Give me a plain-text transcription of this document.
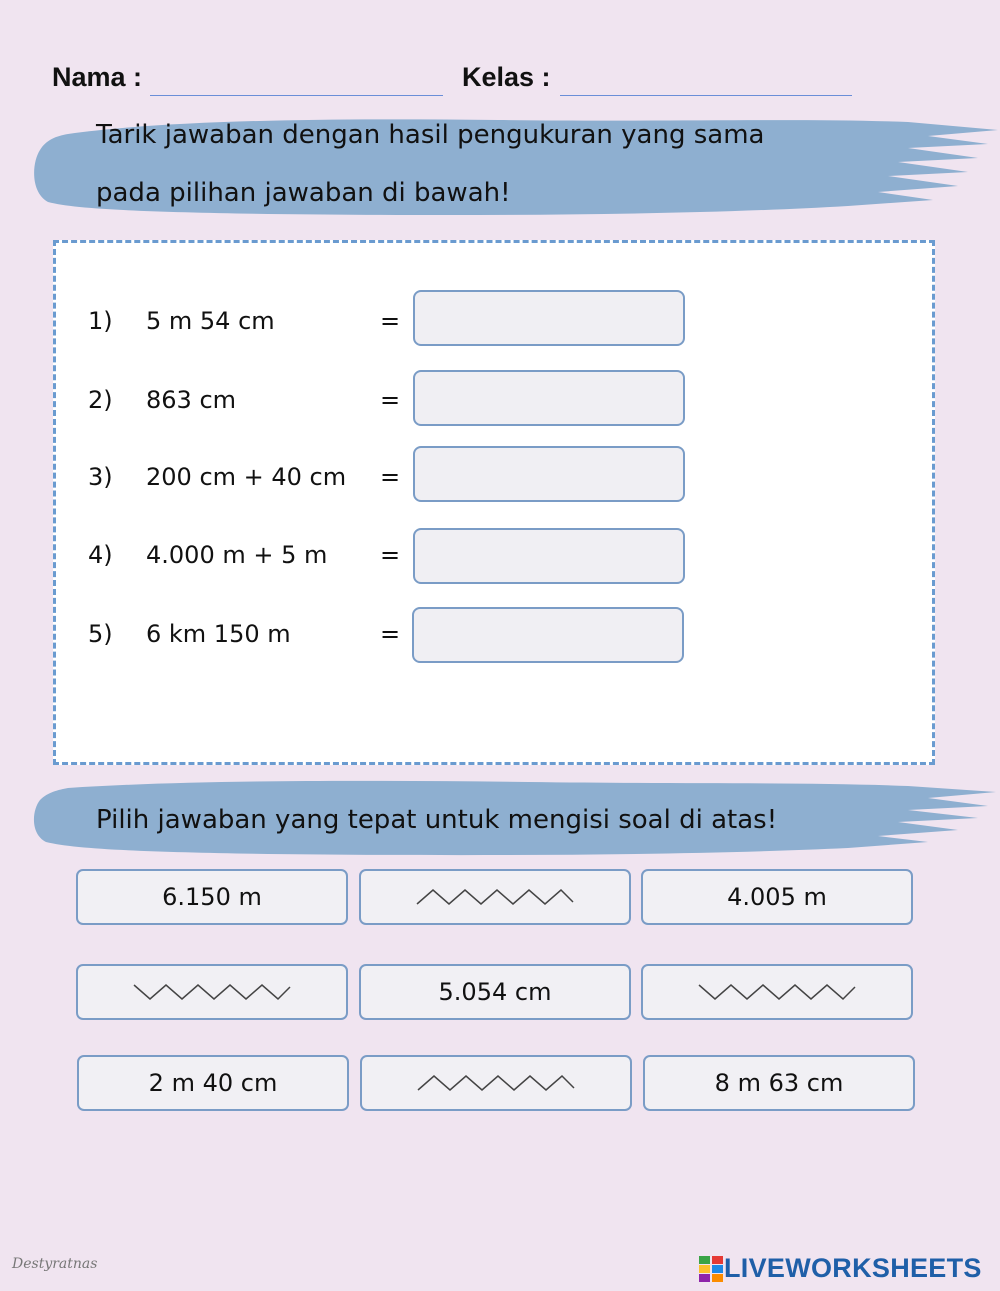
Nama :	Kelas :
Tarik jawaban dengan hasil pengukuran yang sama
pada pilihan jawaban di bawah!
1) 5 m 54 cm	=
2) 863 cm	=
3) 200 cm + 40 cm =
4) 4.000 m + 5 m =
5) 6 km 150 m	=
Pilih jawaban yang tepat untuk mengisi soal di atas!
6.150 m	4.005 m
5.054 cm
2 m 40 cm	8 m 63 cm
Destyratnas	LIVEWORKSHEETS
